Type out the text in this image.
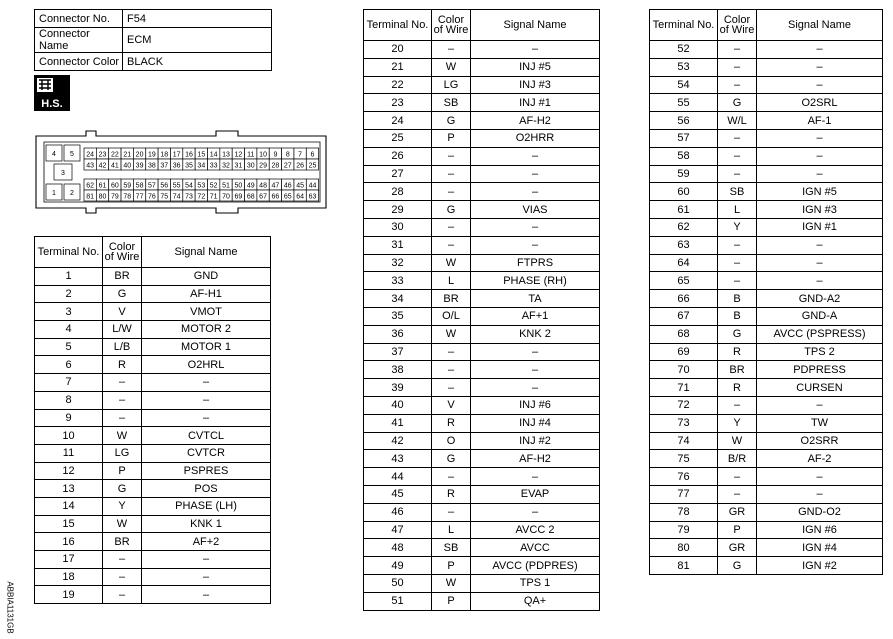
Connector No.	F54
Connector Name	ECM
Connector Color	BLACK
H.S.
4 5
3
1 2
24 23 22 21 20 19 18 17 16 15 14 13 12 11 10 9 8 7 6
43 42 41 40 39 38 37 36 35 34 33 32 31 30 29 28 27 26 25
62 61 60 59 58 57 56 55 54 53 52 51 50 49 48 47 46 45 44
81 80 79 78 77 76 75 74 73 72 71 70 69 68 67 66 65 64 63
ABBIA1131GB
Terminal No.	Color of Wire	Signal Name
1	BR	GND
2	G	AF-H1
3	V	VMOT
4	L/W	MOTOR 2
5	L/B	MOTOR 1
6	R	O2HRL
7	–	–
8	–	–
9	–	–
10	W	CVTCL
11	LG	CVTCR
12	P	PSPRES
13	G	POS
14	Y	PHASE (LH)
15	W	KNK 1
16	BR	AF+2
17	–	–
18	–	–
19	–	–
Terminal No.	Color of Wire	Signal Name
20	–	–
21	W	INJ #5
22	LG	INJ #3
23	SB	INJ #1
24	G	AF-H2
25	P	O2HRR
26	–	–
27	–	–
28	–	–
29	G	VIAS
30	–	–
31	–	–
32	W	FTPRS
33	L	PHASE (RH)
34	BR	TA
35	O/L	AF+1
36	W	KNK 2
37	–	–
38	–	–
39	–	–
40	V	INJ #6
41	R	INJ #4
42	O	INJ #2
43	G	AF-H2
44	–	–
45	R	EVAP
46	–	–
47	L	AVCC 2
48	SB	AVCC
49	P	AVCC (PDPRES)
50	W	TPS 1
51	P	QA+
Terminal No.	Color of Wire	Signal Name
52	–	–
53	–	–
54	–	–
55	G	O2SRL
56	W/L	AF-1
57	–	–
58	–	–
59	–	–
60	SB	IGN #5
61	L	IGN #3
62	Y	IGN #1
63	–	–
64	–	–
65	–	–
66	B	GND-A2
67	B	GND-A
68	G	AVCC (PSPRESS)
69	R	TPS 2
70	BR	PDPRESS
71	R	CURSEN
72	–	–
73	Y	TW
74	W	O2SRR
75	B/R	AF-2
76	–	–
77	–	–
78	GR	GND-O2
79	P	IGN #6
80	GR	IGN #4
81	G	IGN #2
